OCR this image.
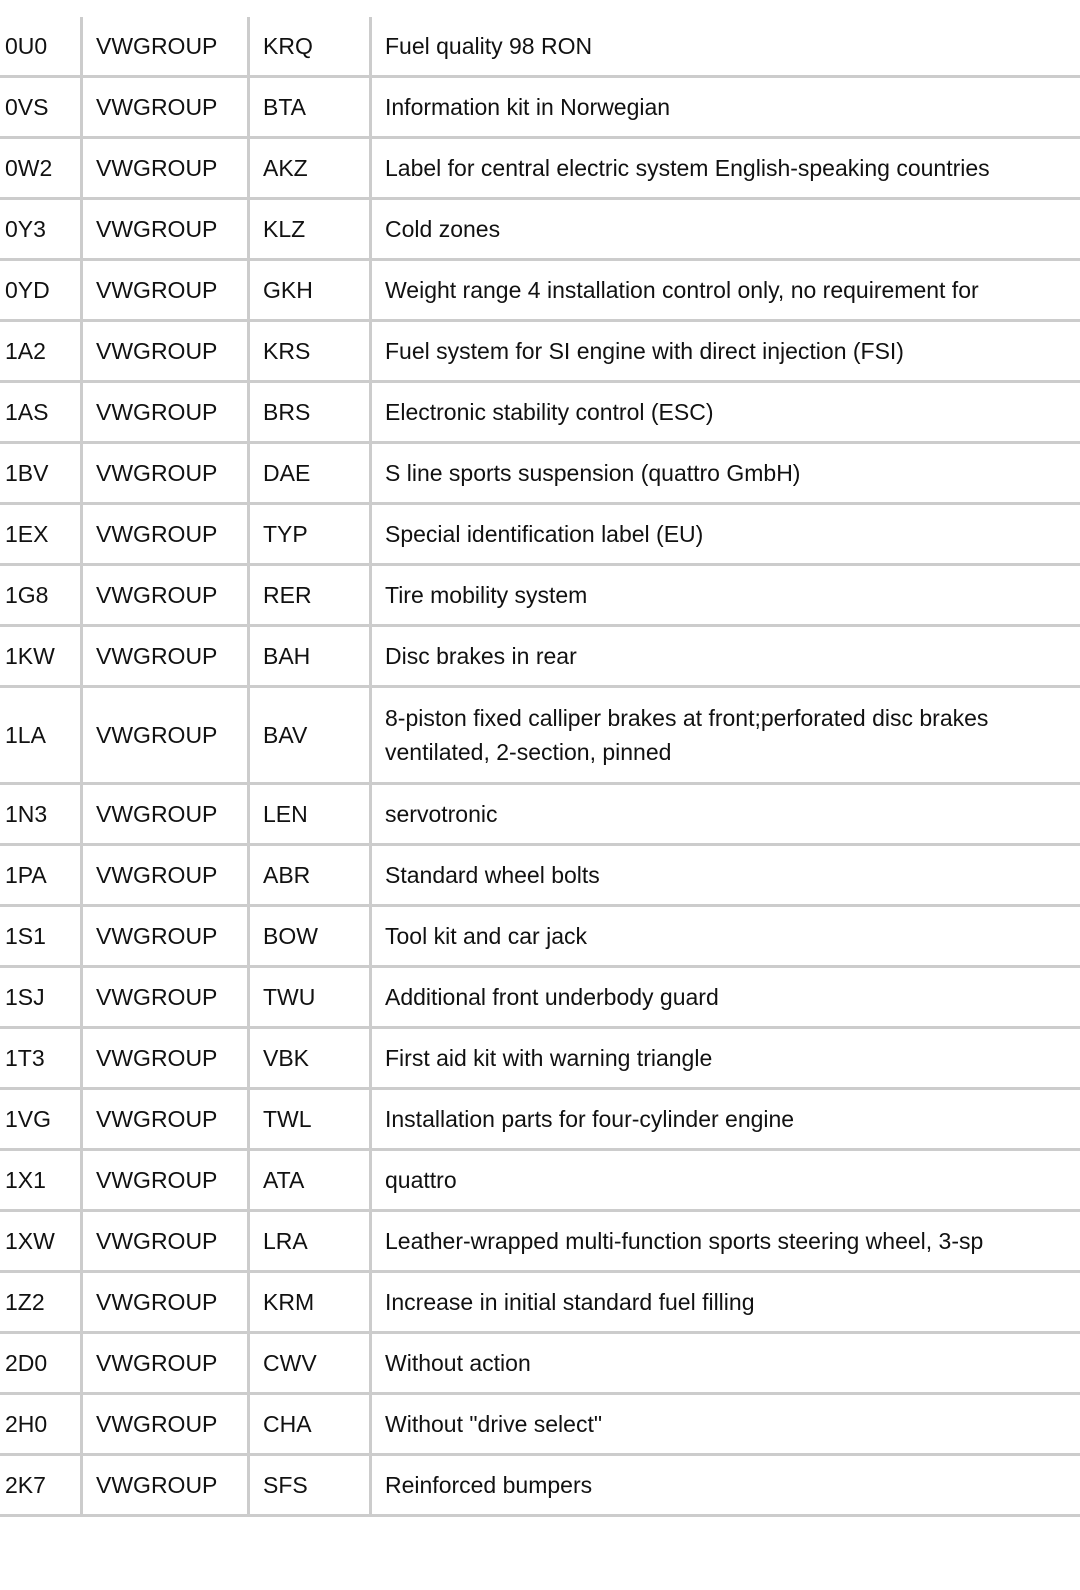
	0U0	VWGROUP	KRQ	Fuel quality 98 RON
	0VS	VWGROUP	BTA	Information kit in Norwegian
	0W2	VWGROUP	AKZ	Label for central electric system English-speaking countries
	0Y3	VWGROUP	KLZ	Cold zones
	0YD	VWGROUP	GKH	Weight range 4 installation control only, no requirement for
	1A2	VWGROUP	KRS	Fuel system for SI engine with direct injection (FSI)
	1AS	VWGROUP	BRS	Electronic stability control (ESC)
	1BV	VWGROUP	DAE	S line sports suspension (quattro GmbH)
	1EX	VWGROUP	TYP	Special identification label (EU)
	1G8	VWGROUP	RER	Tire mobility system
	1KW	VWGROUP	BAH	Disc brakes in rear
	1LA	VWGROUP	BAV	8-piston fixed calliper brakes at front;perforated disc brakes ventilated, 2-section, pinned

	1N3	VWGROUP	LEN	servotronic
	1PA	VWGROUP	ABR	Standard wheel bolts
	1S1	VWGROUP	BOW	Tool kit and car jack
	1SJ	VWGROUP	TWU	Additional front underbody guard
	1T3	VWGROUP	VBK	First aid kit with warning triangle
	1VG	VWGROUP	TWL	Installation parts for four-cylinder engine
	1X1	VWGROUP	ATA	quattro
	1XW	VWGROUP	LRA	Leather-wrapped multi-function sports steering wheel, 3-sp
	1Z2	VWGROUP	KRM	Increase in initial standard fuel filling
	2D0	VWGROUP	CWV	Without action
	2H0	VWGROUP	CHA	Without "drive select"
	2K7	VWGROUP	SFS	Reinforced bumpers
